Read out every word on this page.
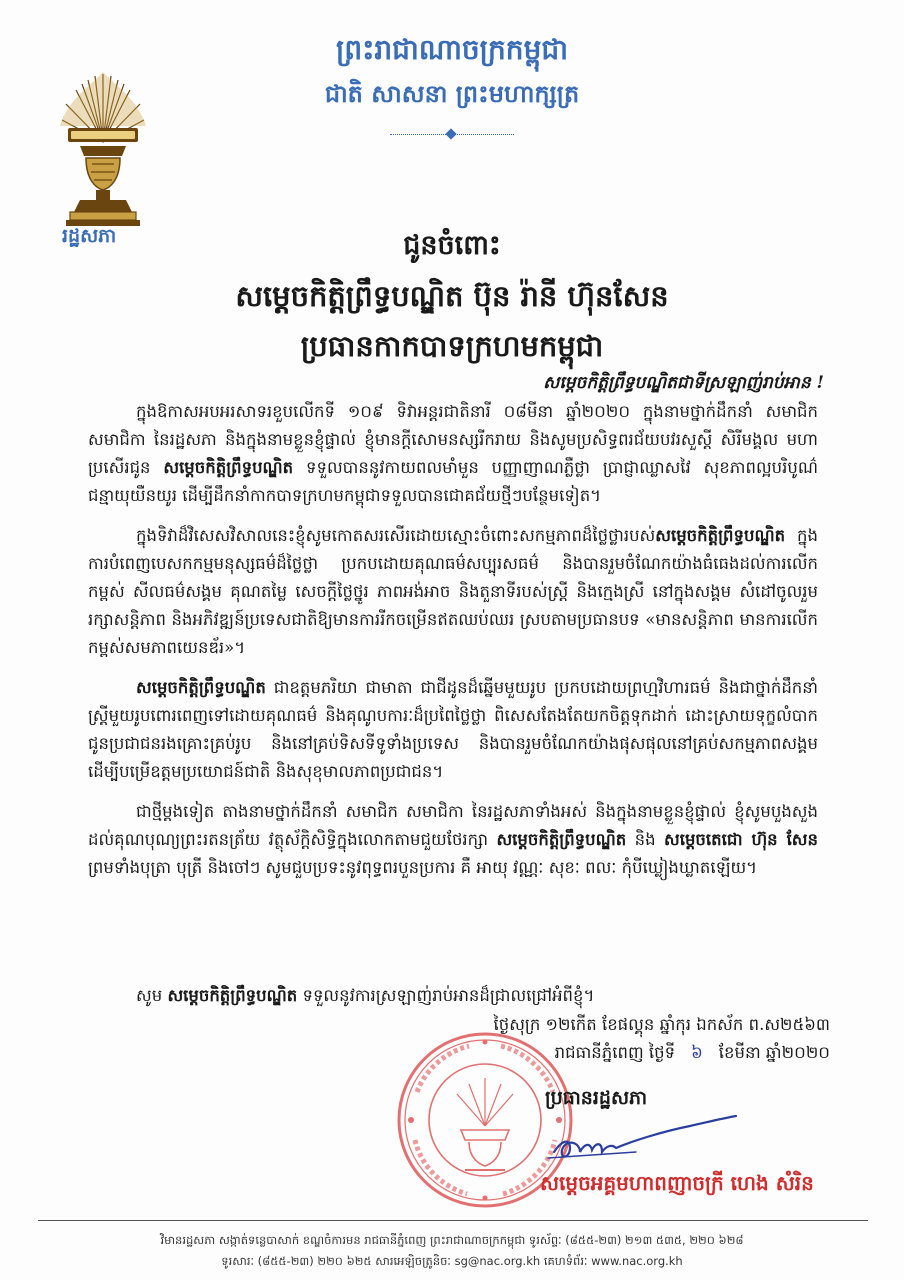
ព្រះរាជាណាចក្រកម្ពុជា
ជាតិ សាសនា ព្រះមហាក្សត្រ
រដ្ឋសភា	ជូនចំពោះ
សម្តេចកិត្តិព្រឹទ្ធបណ្ឌិត ប៊ុន រ៉ានី ហ៊ុនសែន
ប្រធានកាកបាទក្រហមកម្ពុជា
សម្តេចកិត្តិព្រឹទ្ធបណ្ឌិតជាទីស្រឡាញ់រាប់អាន !

ក្នុងឱកាសអបអរសាទរខួបលើកទី ១០៩ ទិវាអន្តរជាតិនារី ០៨មីនា ឆ្នាំ២០២០ ក្នុងនាមថ្នាក់ដឹកនាំ សមាជិក សមាជិកា នៃរដ្ឋសភា និងក្នុងនាមខ្លួនខ្ញុំផ្ទាល់ ខ្ញុំមានក្តីសោមនស្សរីករាយ និងសូមប្រសិទ្ធពរជ័យបវរសួស្តី សិរីមង្គល មហាប្រសើរជូន សម្តេចកិត្តិព្រឹទ្ធបណ្ឌិត ទទួលបាននូវកាយពលមាំមួន បញ្ញាញាណភ្លឺថ្លា ប្រាជ្ញាឈ្លាសវៃ សុខភាពល្អបរិបូណ៌ ជន្មាយុយឺនយូរ ដើម្បីដឹកនាំកាកបាទក្រហមកម្ពុជាទទួលបានជោគជ័យថ្មីៗបន្ថែមទៀត។

ក្នុងទិវាដ៏វិសេសវិសាលនេះខ្ញុំសូមកោតសរសើរដោយស្មោះចំពោះសកម្មភាពដ៏ថ្លៃថ្លារបស់សម្តេចកិត្តិព្រឹទ្ធបណ្ឌិត ក្នុងការបំពេញបេសកកម្មមនុស្សធម៌ដ៏ថ្លៃថ្លា ប្រកបដោយគុណធម៌សប្បុរសធម៌ និងបានរួមចំណែកយ៉ាងធំធេងដល់ការលើកកម្ពស់ សីលធម៌សង្គម គុណតម្លៃ សេចក្តីថ្លៃថ្នូរ ភាពអង់អាច និងតួនាទីរបស់ស្ត្រី និងក្មេងស្រី នៅក្នុងសង្គម សំដៅចូលរួមរក្សាសន្តិភាព និងអភិវឌ្ឍន៍ប្រទេសជាតិឱ្យមានការរីកចម្រើនឥតឈប់ឈរ ស្របតាមប្រធានបទ «មានសន្តិភាព មានការលើកកម្ពស់សមភាពយេនឌ័រ»។

សម្តេចកិត្តិព្រឹទ្ធបណ្ឌិត ជាឧត្តមភរិយា ជាមាតា ជាជីដូនដ៏ឆ្នើមមួយរូប ប្រកបដោយព្រហ្មវិហារធម៌ និងជាថ្នាក់ដឹកនាំស្ត្រីមួយរូបពោរពេញទៅដោយគុណធម៌ និងគុណូបការៈដ៏ប្រពៃថ្លៃថ្លា ពិសេសតែងតែយកចិត្តទុកដាក់ ដោះស្រាយទុក្ខលំបាក ជូនប្រជាជនរងគ្រោះគ្រប់រូប និងនៅគ្រប់ទិសទីទូទាំងប្រទេស និងបានរួមចំណែកយ៉ាងផុសផុលនៅគ្រប់សកម្មភាពសង្គម ដើម្បីបម្រើឧត្តមប្រយោជន៍ជាតិ និងសុខុមាលភាពប្រជាជន។

ជាថ្មីម្តងទៀត តាងនាមថ្នាក់ដឹកនាំ សមាជិក សមាជិកា នៃរដ្ឋសភាទាំងអស់ និងក្នុងនាមខ្លួនខ្ញុំផ្ទាល់ ខ្ញុំសូមបួងសួងដល់គុណបុណ្យព្រះរតនត្រ័យ វត្ថុស័ក្តិសិទ្ធិក្នុងលោកតាមជួយថែរក្សា សម្តេចកិត្តិព្រឹទ្ធបណ្ឌិត និង សម្តេចតេជោ ហ៊ុន សែន ព្រមទាំងបុត្រា បុត្រី និងចៅៗ សូមជួបប្រទះនូវពុទ្ធពរបួនប្រការ គឺ អាយុ វណ្ណៈ សុខៈ ពលៈ កុំបីឃ្លៀងឃ្លាតឡើយ។

សូម សម្តេចកិត្តិព្រឹទ្ធបណ្ឌិត ទទួលនូវការស្រឡាញ់រាប់អានដ៏ជ្រាលជ្រៅអំពីខ្ញុំ។
ថ្ងៃសុក្រ ១២កើត ខែផល្គុន ឆ្នាំកុរ ឯកស័ក ព.ស២៥៦៣
រាជធានីភ្នំពេញ ថ្ងៃទី ៦ ខែមីនា ឆ្នាំ២០២០
ប្រធានរដ្ឋសភា
សម្តេចអគ្គមហាពញាចក្រី ហេង សំរិន
វិមានរដ្ឋសភា សង្កាត់ទន្លេបាសាក់ ខណ្ឌចំការមន រាជធានីភ្នំពេញ ព្រះរាជាណាចក្រកម្ពុជា ទូរស័ព្ទៈ (៨៥៥-២៣) ២១៣ ៥៣៥, ២២០ ៦២៨
ទូរសារៈ (៨៥៥-២៣) ២២០ ៦២៥ សារអេឡិចត្រូនិចៈ sg@nac.org.kh គេហទំព័រៈ www.nac.org.kh
